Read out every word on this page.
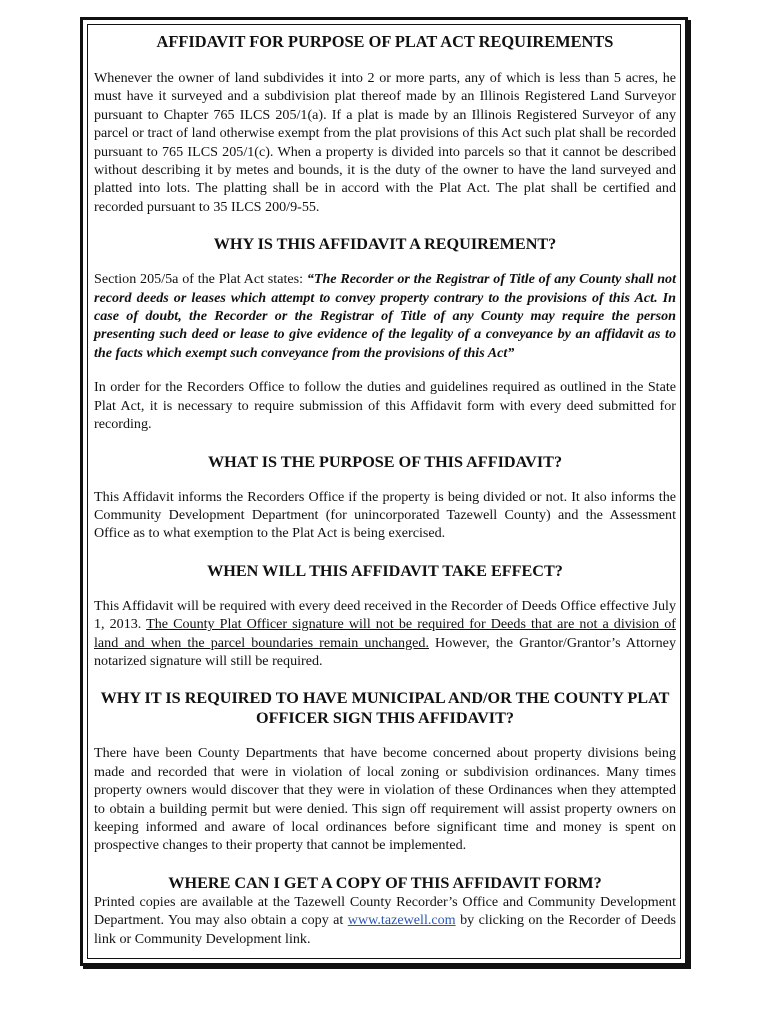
AFFIDAVIT FOR PURPOSE OF PLAT ACT REQUIREMENTS

Whenever the owner of land subdivides it into 2 or more parts, any of which is less than 5 acres, he must have it surveyed and a subdivision plat thereof made by an Illinois Registered Land Surveyor pursuant to Chapter 765 ILCS 205/1(a). If a plat is made by an Illinois Registered Surveyor of any parcel or tract of land otherwise exempt from the plat provisions of this Act such plat shall be recorded pursuant to 765 ILCS 205/1(c). When a property is divided into parcels so that it cannot be described without describing it by metes and bounds, it is the duty of the owner to have the land surveyed and platted into lots. The platting shall be in accord with the Plat Act. The plat shall be certified and recorded pursuant to 35 ILCS 200/9-55.

WHY IS THIS AFFIDAVIT A REQUIREMENT?

Section 205/5a of the Plat Act states: “The Recorder or the Registrar of Title of any County shall not record deeds or leases which attempt to convey property contrary to the provisions of this Act. In case of doubt, the Recorder or the Registrar of Title of any County may require the person presenting such deed or lease to give evidence of the legality of a conveyance by an affidavit as to the facts which exempt such conveyance from the provisions of this Act”

In order for the Recorders Office to follow the duties and guidelines required as outlined in the State Plat Act, it is necessary to require submission of this Affidavit form with every deed submitted for recording.

WHAT IS THE PURPOSE OF THIS AFFIDAVIT?

This Affidavit informs the Recorders Office if the property is being divided or not. It also informs the Community Development Department (for unincorporated Tazewell County) and the Assessment Office as to what exemption to the Plat Act is being exercised.

WHEN WILL THIS AFFIDAVIT TAKE EFFECT?

This Affidavit will be required with every deed received in the Recorder of Deeds Office effective July 1, 2013. The County Plat Officer signature will not be required for Deeds that are not a division of land and when the parcel boundaries remain unchanged. However, the Grantor/Grantor’s Attorney notarized signature will still be required.

WHY IT IS REQUIRED TO HAVE MUNICIPAL AND/OR THE COUNTY PLAT OFFICER SIGN THIS AFFIDAVIT?

There have been County Departments that have become concerned about property divisions being made and recorded that were in violation of local zoning or subdivision ordinances. Many times property owners would discover that they were in violation of these Ordinances when they attempted to obtain a building permit but were denied. This sign off requirement will assist property owners on keeping informed and aware of local ordinances before significant time and money is spent on prospective changes to their property that cannot be implemented.

WHERE CAN I GET A COPY OF THIS AFFIDAVIT FORM?

Printed copies are available at the Tazewell County Recorder’s Office and Community Development Department. You may also obtain a copy at www.tazewell.com by clicking on the Recorder of Deeds link or Community Development link.
